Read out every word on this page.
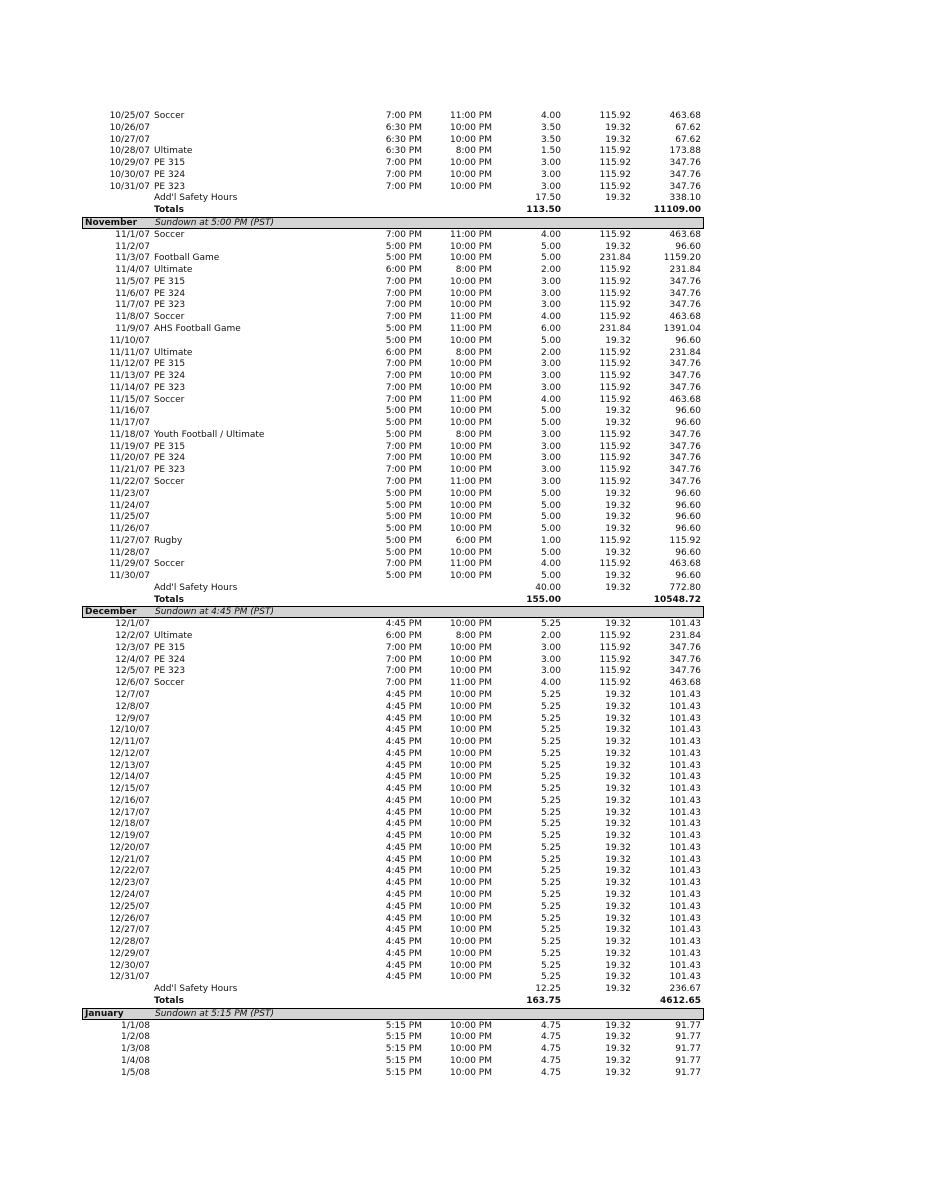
10/25/07 Soccer	7:00 PM	11:00 PM	4.00	115.92	463.68
10/26/07	6:30 PM	10:00 PM	3.50	19.32	67.62
10/27/07	6:30 PM	10:00 PM	3.50	19.32	67.62
10/28/07 Ultimate	6:30 PM	8:00 PM	1.50	115.92	173.88
10/29/07 PE 315	7:00 PM	10:00 PM	3.00	115.92	347.76
10/30/07 PE 324	7:00 PM	10:00 PM	3.00	115.92	347.76
10/31/07 PE 323	7:00 PM	10:00 PM	3.00	115.92	347.76
Add'l Safety Hours	17.50	19.32	338.10
Totals	113.50	11109.00
November Sundown at 5:00 PM (PST)
11/1/07 Soccer	7:00 PM	11:00 PM	4.00	115.92	463.68
11/2/07	5:00 PM	10:00 PM	5.00	19.32	96.60
11/3/07 Football Game	5:00 PM	10:00 PM	5.00	231.84	1159.20
11/4/07 Ultimate	6:00 PM	8:00 PM	2.00	115.92	231.84
11/5/07 PE 315	7:00 PM	10:00 PM	3.00	115.92	347.76
11/6/07 PE 324	7:00 PM	10:00 PM	3.00	115.92	347.76
11/7/07 PE 323	7:00 PM	10:00 PM	3.00	115.92	347.76
11/8/07 Soccer	7:00 PM	11:00 PM	4.00	115.92	463.68
11/9/07 AHS Football Game	5:00 PM	11:00 PM	6.00	231.84	1391.04
11/10/07	5:00 PM	10:00 PM	5.00	19.32	96.60
11/11/07 Ultimate	6:00 PM	8:00 PM	2.00	115.92	231.84
11/12/07 PE 315	7:00 PM	10:00 PM	3.00	115.92	347.76
11/13/07 PE 324	7:00 PM	10:00 PM	3.00	115.92	347.76
11/14/07 PE 323	7:00 PM	10:00 PM	3.00	115.92	347.76
11/15/07 Soccer	7:00 PM	11:00 PM	4.00	115.92	463.68
11/16/07	5:00 PM	10:00 PM	5.00	19.32	96.60
11/17/07	5:00 PM	10:00 PM	5.00	19.32	96.60
11/18/07 Youth Football / Ultimate	5:00 PM	8:00 PM	3.00	115.92	347.76
11/19/07 PE 315	7:00 PM	10:00 PM	3.00	115.92	347.76
11/20/07 PE 324	7:00 PM	10:00 PM	3.00	115.92	347.76
11/21/07 PE 323	7:00 PM	10:00 PM	3.00	115.92	347.76
11/22/07 Soccer	7:00 PM	11:00 PM	3.00	115.92	347.76
11/23/07	5:00 PM	10:00 PM	5.00	19.32	96.60
11/24/07	5:00 PM	10:00 PM	5.00	19.32	96.60
11/25/07	5:00 PM	10:00 PM	5.00	19.32	96.60
11/26/07	5:00 PM	10:00 PM	5.00	19.32	96.60
11/27/07 Rugby	5:00 PM	6:00 PM	1.00	115.92	115.92
11/28/07	5:00 PM	10:00 PM	5.00	19.32	96.60
11/29/07 Soccer	7:00 PM	11:00 PM	4.00	115.92	463.68
11/30/07	5:00 PM	10:00 PM	5.00	19.32	96.60
Add'l Safety Hours	40.00	19.32	772.80
Totals	155.00	10548.72
December Sundown at 4:45 PM (PST)
12/1/07	4:45 PM	10:00 PM	5.25	19.32	101.43
12/2/07 Ultimate	6:00 PM	8:00 PM	2.00	115.92	231.84
12/3/07 PE 315	7:00 PM	10:00 PM	3.00	115.92	347.76
12/4/07 PE 324	7:00 PM	10:00 PM	3.00	115.92	347.76
12/5/07 PE 323	7:00 PM	10:00 PM	3.00	115.92	347.76
12/6/07 Soccer	7:00 PM	11:00 PM	4.00	115.92	463.68
12/7/07	4:45 PM	10:00 PM	5.25	19.32	101.43
12/8/07	4:45 PM	10:00 PM	5.25	19.32	101.43
12/9/07	4:45 PM	10:00 PM	5.25	19.32	101.43
12/10/07	4:45 PM	10:00 PM	5.25	19.32	101.43
12/11/07	4:45 PM	10:00 PM	5.25	19.32	101.43
12/12/07	4:45 PM	10:00 PM	5.25	19.32	101.43
12/13/07	4:45 PM	10:00 PM	5.25	19.32	101.43
12/14/07	4:45 PM	10:00 PM	5.25	19.32	101.43
12/15/07	4:45 PM	10:00 PM	5.25	19.32	101.43
12/16/07	4:45 PM	10:00 PM	5.25	19.32	101.43
12/17/07	4:45 PM	10:00 PM	5.25	19.32	101.43
12/18/07	4:45 PM	10:00 PM	5.25	19.32	101.43
12/19/07	4:45 PM	10:00 PM	5.25	19.32	101.43
12/20/07	4:45 PM	10:00 PM	5.25	19.32	101.43
12/21/07	4:45 PM	10:00 PM	5.25	19.32	101.43
12/22/07	4:45 PM	10:00 PM	5.25	19.32	101.43
12/23/07	4:45 PM	10:00 PM	5.25	19.32	101.43
12/24/07	4:45 PM	10:00 PM	5.25	19.32	101.43
12/25/07	4:45 PM	10:00 PM	5.25	19.32	101.43
12/26/07	4:45 PM	10:00 PM	5.25	19.32	101.43
12/27/07	4:45 PM	10:00 PM	5.25	19.32	101.43
12/28/07	4:45 PM	10:00 PM	5.25	19.32	101.43
12/29/07	4:45 PM	10:00 PM	5.25	19.32	101.43
12/30/07	4:45 PM	10:00 PM	5.25	19.32	101.43
12/31/07	4:45 PM	10:00 PM	5.25	19.32	101.43
Add'l Safety Hours	12.25	19.32	236.67
Totals	163.75	4612.65
January	Sundown at 5:15 PM (PST)
1/1/08	5:15 PM	10:00 PM	4.75	19.32	91.77
1/2/08	5:15 PM	10:00 PM	4.75	19.32	91.77
1/3/08	5:15 PM	10:00 PM	4.75	19.32	91.77
1/4/08	5:15 PM	10:00 PM	4.75	19.32	91.77
1/5/08	5:15 PM	10:00 PM	4.75	19.32	91.77
